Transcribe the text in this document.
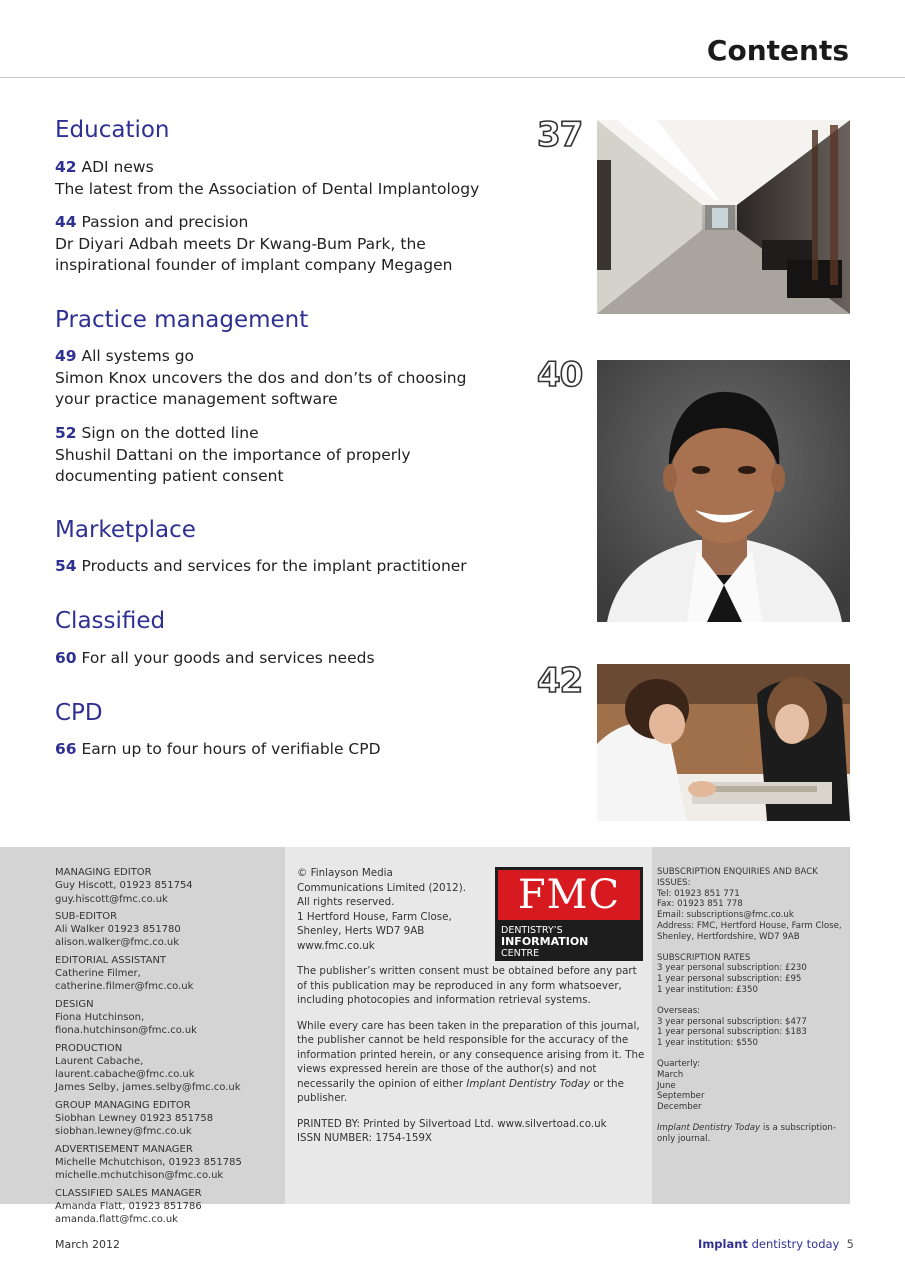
Contents
Education
42 ADI news
The latest from the Association of Dental Implantology
44 Passion and precision
Dr Diyari Adbah meets Dr Kwang-Bum Park, the inspirational founder of implant company Megagen
Practice management
49 All systems go
Simon Knox uncovers the dos and don’ts of choosing your practice management software
52 Sign on the dotted line
Shushil Dattani on the importance of properly documenting patient consent
Marketplace
54 Products and services for the implant practitioner
Classified
60 For all your goods and services needs
CPD
66 Earn up to four hours of verifiable CPD
37
40
42
MANAGING EDITOR
Guy Hiscott, 01923 851754
guy.hiscott@fmc.co.uk
SUB-EDITOR
Ali Walker 01923 851780
alison.walker@fmc.co.uk
EDITORIAL ASSISTANT
Catherine Filmer, catherine.filmer@fmc.co.uk
DESIGN
Fiona Hutchinson, fiona.hutchinson@fmc.co.uk
PRODUCTION
Laurent Cabache, laurent.cabache@fmc.co.uk
James Selby, james.selby@fmc.co.uk
GROUP MANAGING EDITOR
Siobhan Lewney 01923 851758
siobhan.lewney@fmc.co.uk
ADVERTISEMENT MANAGER
Michelle Mchutchison, 01923 851785
michelle.mchutchison@fmc.co.uk
CLASSIFIED SALES MANAGER
Amanda Flatt, 01923 851786
amanda.flatt@fmc.co.uk

© Finlayson Media Communications Limited (2012).
All rights reserved.
1 Hertford House, Farm Close,
Shenley, Herts WD7 9AB
www.fmc.co.uk

The publisher’s written consent must be obtained before any part of this publication may be reproduced in any form whatsoever, including photocopies and information retrieval systems.

While every care has been taken in the preparation of this journal, the publisher cannot be held responsible for the accuracy of the information printed herein, or any consequence arising from it. The views expressed herein are those of the author(s) and not necessarily the opinion of either Implant Dentistry Today or the publisher.

PRINTED BY: Printed by Silvertoad Ltd. www.silvertoad.co.uk
ISSN NUMBER: 1754-159X

FMC
DENTISTRY’S
INFORMATION
CENTRE

SUBSCRIPTION ENQUIRIES AND BACK ISSUES:
Tel: 01923 851 771
Fax: 01923 851 778
Email: subscriptions@fmc.co.uk
Address: FMC, Hertford House, Farm Close, Shenley, Hertfordshire, WD7 9AB

SUBSCRIPTION RATES
3 year personal subscription: £230
1 year personal subscription: £95
1 year institution: £350

Overseas:
3 year personal subscription: $477
1 year personal subscription: $183
1 year institution: $550

Quarterly:
March
June
September
December

Implant Dentistry Today is a subscription-only journal.

March 2012	Implant dentistry today 5
